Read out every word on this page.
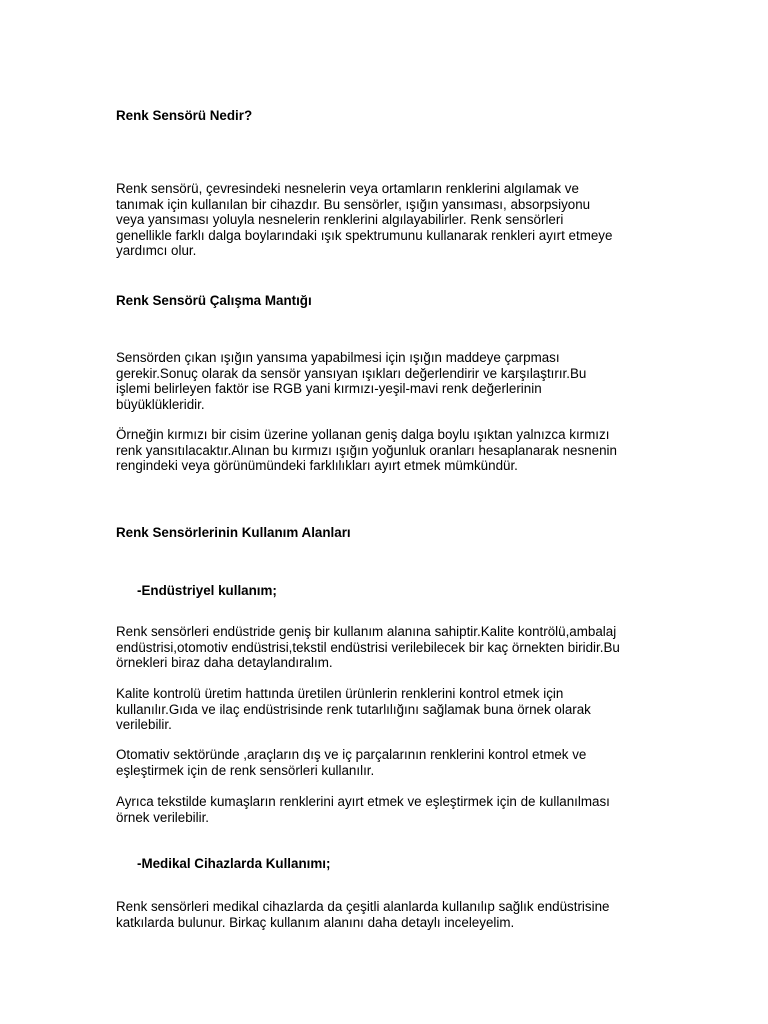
Renk Sensörü Nedir?
Renk sensörü, çevresindeki nesnelerin veya ortamların renklerini algılamak ve
tanımak için kullanılan bir cihazdır. Bu sensörler, ışığın yansıması, absorpsiyonu
veya yansıması yoluyla nesnelerin renklerini algılayabilirler. Renk sensörleri
genellikle farklı dalga boylarındaki ışık spektrumunu kullanarak renkleri ayırt etmeye
yardımcı olur.
Renk Sensörü Çalışma Mantığı
Sensörden çıkan ışığın yansıma yapabilmesi için ışığın maddeye çarpması
gerekir.Sonuç olarak da sensör yansıyan ışıkları değerlendirir ve karşılaştırır.Bu
işlemi belirleyen faktör ise RGB yani kırmızı-yeşil-mavi renk değerlerinin
büyüklükleridir.
Örneğin kırmızı bir cisim üzerine yollanan geniş dalga boylu ışıktan yalnızca kırmızı
renk yansıtılacaktır.Alınan bu kırmızı ışığın yoğunluk oranları hesaplanarak nesnenin
rengindeki veya görünümündeki farklılıkları ayırt etmek mümkündür.
Renk Sensörlerinin Kullanım Alanları
-Endüstriyel kullanım;
Renk sensörleri endüstride geniş bir kullanım alanına sahiptir.Kalite kontrölü,ambalaj
endüstrisi,otomotiv endüstrisi,tekstil endüstrisi verilebilecek bir kaç örnekten biridir.Bu
örnekleri biraz daha detaylandıralım.
Kalite kontrolü üretim hattında üretilen ürünlerin renklerini kontrol etmek için
kullanılır.Gıda ve ilaç endüstrisinde renk tutarlılığını sağlamak buna örnek olarak
verilebilir.
Otomativ sektöründe ,araçların dış ve iç parçalarının renklerini kontrol etmek ve
eşleştirmek için de renk sensörleri kullanılır.
Ayrıca tekstilde kumaşların renklerini ayırt etmek ve eşleştirmek için de kullanılması
örnek verilebilir.
-Medikal Cihazlarda Kullanımı;
Renk sensörleri medikal cihazlarda da çeşitli alanlarda kullanılıp sağlık endüstrisine
katkılarda bulunur. Birkaç kullanım alanını daha detaylı inceleyelim.
